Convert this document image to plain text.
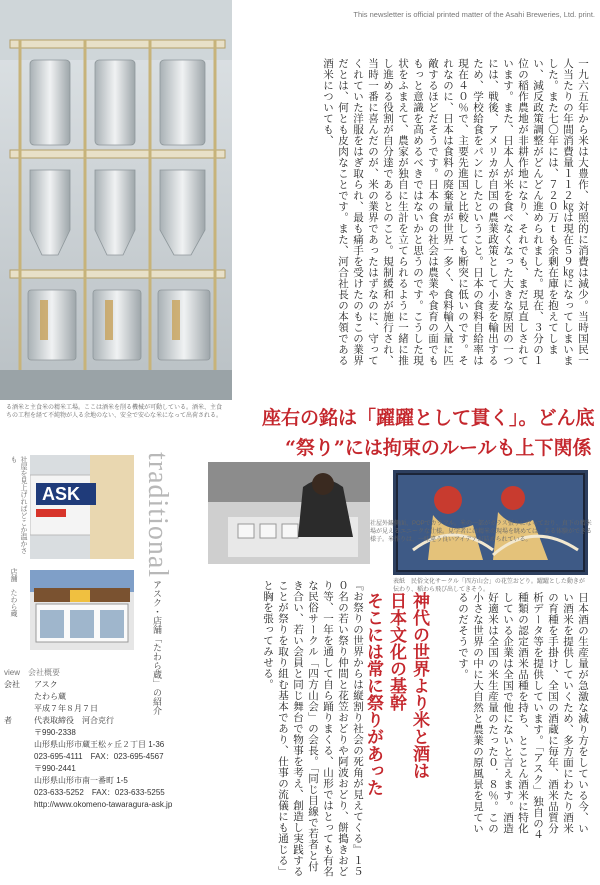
This newsletter is official printed matter of the Asahi Breweries, Ltd. print.
る酒米と主食米の精米工場。ここは酒米を削る機械が可動している。酒米、主食　ちの工程を経て不純物が人る余地のない、安全で安心な米になって出荷される。
一九六五年から米は大豊作、対照的に消費は減少。当時国民一人当たりの年間消費量１１２㎏は現在５９㎏になってしまいました。また七〇年には、７２０万ｔも余剰在庫を抱えてしまい、減反政策調整がどんどん進められました。現在、３分の１位の稲作農地が非耕作地になり、それでも、まだ見直しされています。また、日本人が米を食べなくなった大きな原因の一つには、戦後、アメリカが自国の農業政策として小麦を輸出するため、学校給食をパンにしたということ。日本の食料自給率は現在４０％で、主要先進国と比較しても断突に低いのです。それなのに、日本は食料の廃棄量が世界一多く、食料輸入量に匹敵するほどだそうです。日本の食の社会は農業や食育の面でももっと意識を高めるべきではないかと思うのです。こうした現状をふまえて、農家が独自に生計を立てられるように一緒に推し進める役割が自分達であるとのこと。規制緩和が施行され、当時一番に喜んだのが、米の業界であったはずなのに、守ってくれていた洋服をはぎ取られ、最も痛手を受けたのもこの業界だとは、何とも皮肉なことです。また、河合社長の本領である酒米についても、
座右の銘は「躍躍として貫く」。どん底
“祭り”には拘束のルールも上下関係
表紙　民俗文化サークル「四方山会」の花笠おどり。躍躍とした動きが伝わり、稲わら飛び出してきそう。
社屋外観側面、POPでカラフル。米の一部がガラス張りになっており、真下の精米場が見えるユニークな仕様。見学者には精米の現場を眺めては、ある体験ができる様子。米作りは、一味違う良いアイデアが詰められている。
traditional
アスク・店舗「たわら蔵」の紹介
社屋を見上げればどこか温かさも
店舗　たわら蔵
ASK
view　会社概要
会社 アスク
たわら蔵
平成７年８月７日
者	代表取締役　河合克行
〒990-2338
山形県山形市蔵王松ヶ丘２丁目 1-36
023-695-4111　FAX：023-695-4567
〒990-2441
山形県山形市南一番町 1-5
023-633-5252　FAX：023-633-5255
http://www.okomeno-tawaragura-ask.jp	『お祭りの世界からは縦割り社会の死角が見えてくる』１５０名の若い祭り仲間と花笠おどりや阿波おどり、餅搗きおどり等、一年を通して自ら踊りまくる、山形ではとっても有名な民俗サークル「四方山会」の会長。「同じ目線で若者と付き合い、若い会員と同じ舞台で物事を考え、創造し実践することが祭りを取り組む基本であり、仕事の流儀にも通じる」と胸を張ってみせる。	神代の世界より米と酒は
日本文化の基幹
そこには常に祭りがあった	日本酒の生産量が急激な減り方をしている今、いい酒米を提供していくため、多方面にわたり酒米の育種を手掛け、全国の酒蔵に毎年、酒米品質分析データ等を提供しています。「アスク」独自の４種類の認定酒米品種を持ち、とことん酒米に特化している企業は全国で他にないと言えます。酒造好適米は全国の米生産量のたった０．８％。この小さな世界の中に大自然と農業の原風景を見ているのだそうです。
